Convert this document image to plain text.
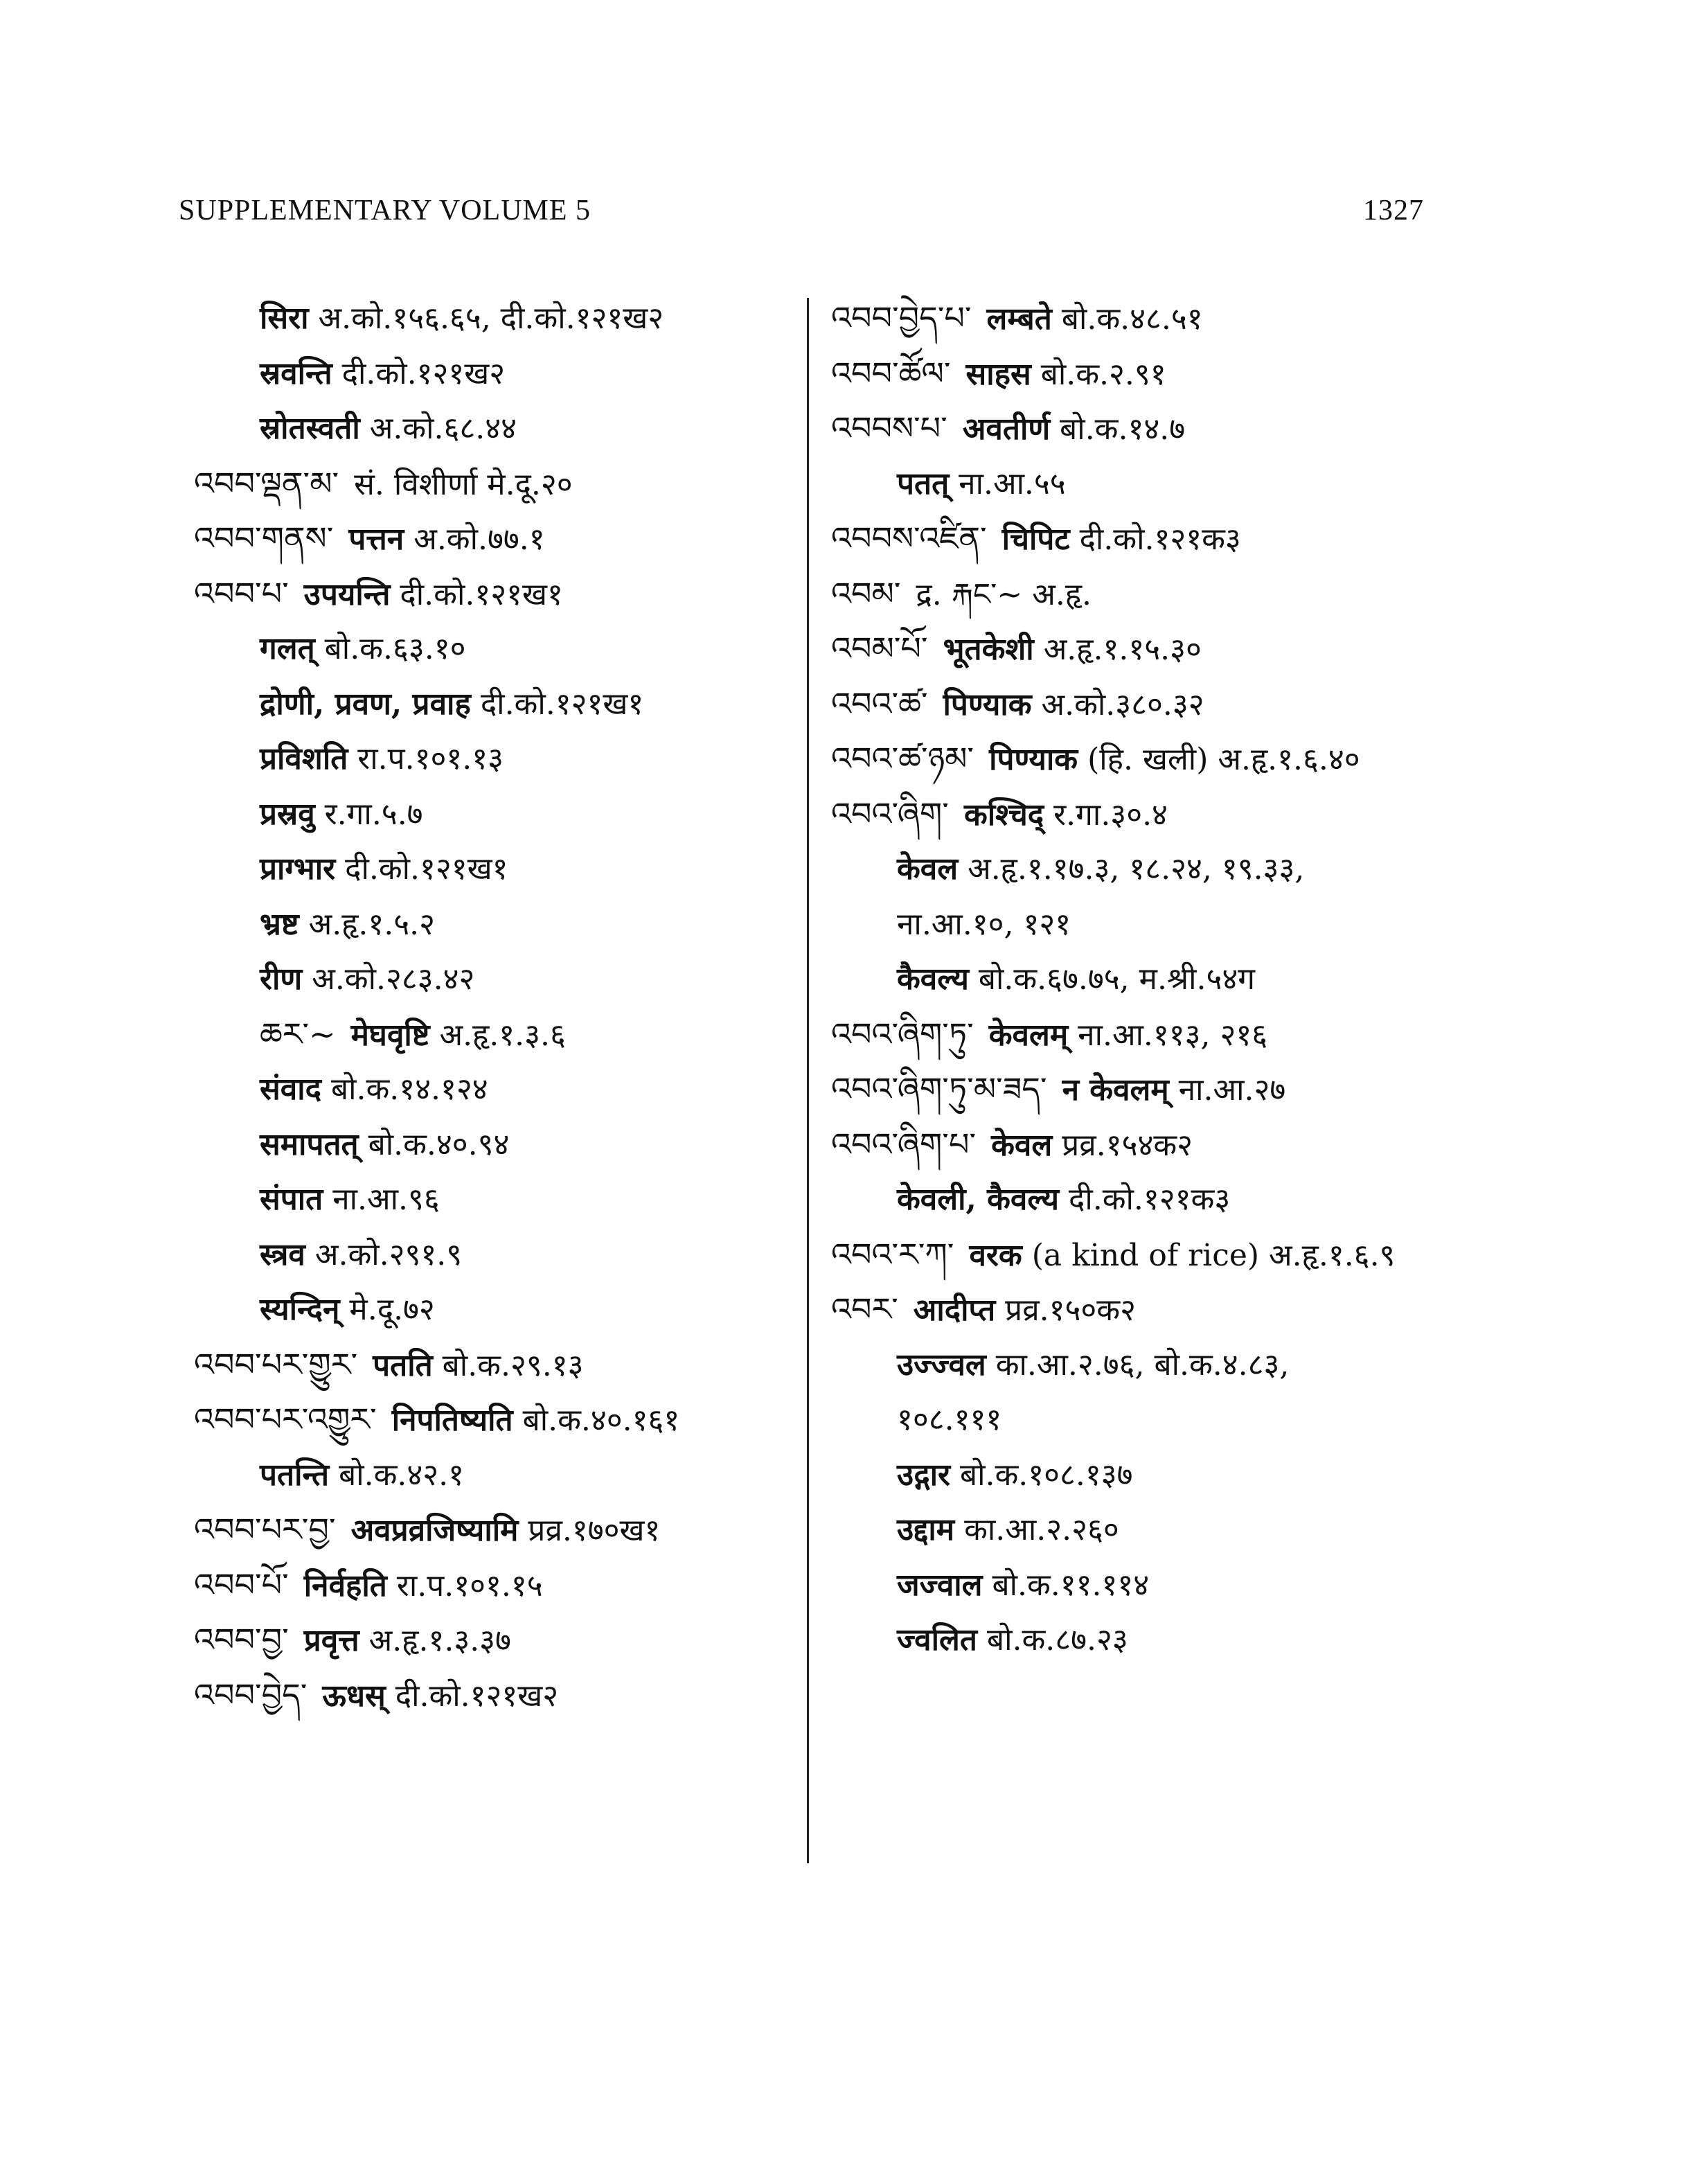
SUPPLEMENTARY VOLUME 5	1327
सिरा अ.को.१५६.६५, दी.को.१२१ख२
स्रवन्ति दी.को.१२१ख२
स्रोतस्वती अ.को.६८.४४
འབབ་ལྡན་མ་ सं. विशीर्णा मे.दू.२०
འབབ་གནས་ पत्तन अ.को.७७.१
འབབ་པ་ उपयन्ति दी.को.१२१ख१
गलत् बो.क.६३.१०
द्रोणी, प्रवण, प्रवाह दी.को.१२१ख१
प्रविशति रा.प.१०१.१३
प्रस्रवु र.गा.५.७
प्राग्भार दी.को.१२१ख१
भ्रष्ट अ.हृ.१.५.२
रीण अ.को.२८३.४२
ཆར་~ मेघवृष्टि अ.हृ.१.३.६
संवाद बो.क.१४.१२४
समापतत् बो.क.४०.९४
संपात ना.आ.९६
स्त्रव अ.को.२९१.९
स्यन्दिन् मे.दू.७२
འབབ་པར་གྱུར་ पतति बो.क.२९.१३
འབབ་པར་འགྱུར་ निपतिष्यति बो.क.४०.१६१
पतन्ति बो.क.४२.१
འབབ་པར་བྱ་ अवप्रव्रजिष्यामि प्रव्र.१७०ख१
འབབ་པོ་ निर्वहति रा.प.१०१.१५
འབབ་བྱ་ प्रवृत्त अ.हृ.१.३.३७
འབབ་བྱེད་ ऊधस् दी.को.१२१ख२
འབབ་བྱེད་པ་ लम्बते बो.क.४८.५१
འབབ་ཚོལ་ साहस बो.क.२.९१
འབབས་པ་ अवतीर्ण बो.क.१४.७
पतत् ना.आ.५५
འབབས་འཛིན་ चिपिट दी.को.१२१क३
འབམ་ द्र. རྐང་~ अ.हृ.
འབམ་པོ་ भूतकेशी अ.हृ.१.१५.३०
འབའ་ཚ་ पिण्याक अ.को.३८०.३२
འབའ་ཚ་ཉམ་ पिण्याक (हि. खली) अ.हृ.१.६.४०
འབའ་ཞིག་ कश्चिद् र.गा.३०.४
केवल अ.हृ.१.१७.३, १८.२४, १९.३३,
ना.आ.१०, १२१
कैवल्य बो.क.६७.७५, म.श्री.५४ग
འབའ་ཞིག་ཏུ་ केवलम् ना.आ.११३, २१६
འབའ་ཞིག་ཏུ་མ་ཟད་ न केवलम् ना.आ.२७
འབའ་ཞིག་པ་ केवल प्रव्र.१५४क२
केवली, कैवल्य दी.को.१२१क३
འབའ་ར་ཀ་ वरक (a kind of rice) अ.हृ.१.६.९
འབར་ आदीप्त प्रव्र.१५०क२
उज्ज्वल का.आ.२.७६, बो.क.४.८३,
१०८.१११
उद्गार बो.क.१०८.१३७
उद्दाम का.आ.२.२६०
जज्वाल बो.क.११.११४
ज्वलित बो.क.८७.२३
